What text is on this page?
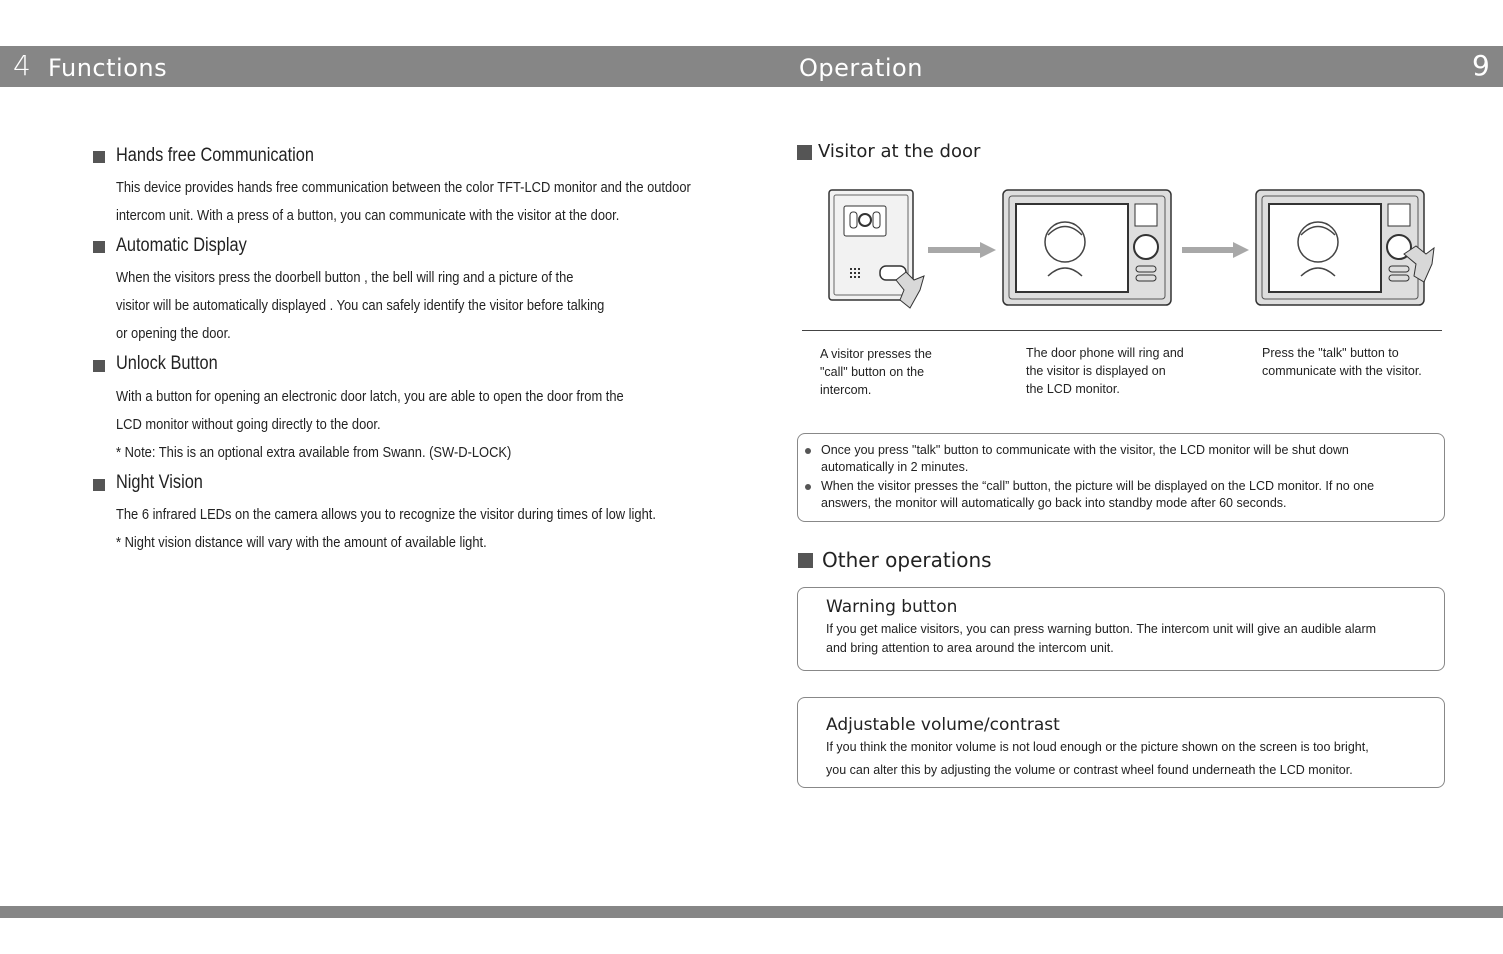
4 Functions	Operation	9
Hands free Communication
This device provides hands free communication between the color TFT-LCD monitor and the outdoor
intercom unit. With a press of a button, you can communicate with the visitor at the door.
Automatic Display
When the visitors press the doorbell button , the bell will ring and a picture of the
visitor will be automatically displayed . You can safely identify the visitor before talking
or opening the door.
Unlock Button
With a button for opening an electronic door latch, you are able to open the door from the
LCD monitor without going directly to the door.
* Note: This is an optional extra available from Swann. (SW-D-LOCK)
Night Vision
The 6 infrared LEDs on the camera allows you to recognize the visitor during times of low light.
* Night vision distance will vary with the amount of available light.
Visitor at the door
A visitor presses the
"call" button on the
intercom.
The door phone will ring and
the visitor is displayed on
the LCD monitor.
Press the "talk" button to
communicate with the visitor.
Once you press "talk" button to communicate with the visitor, the LCD monitor will be shut down
automatically in 2 minutes.
When the visitor presses the “call” button, the picture will be displayed on the LCD monitor. If no one
answers, the monitor will automatically go back into standby mode after 60 seconds.
Other operations
Warning button
If you get malice visitors, you can press warning button. The intercom unit will give an audible alarm
and bring attention to area around the intercom unit.
Adjustable volume/contrast
If you think the monitor volume is not loud enough or the picture shown on the screen is too bright,
you can alter this by adjusting the volume or contrast wheel found underneath the LCD monitor.
